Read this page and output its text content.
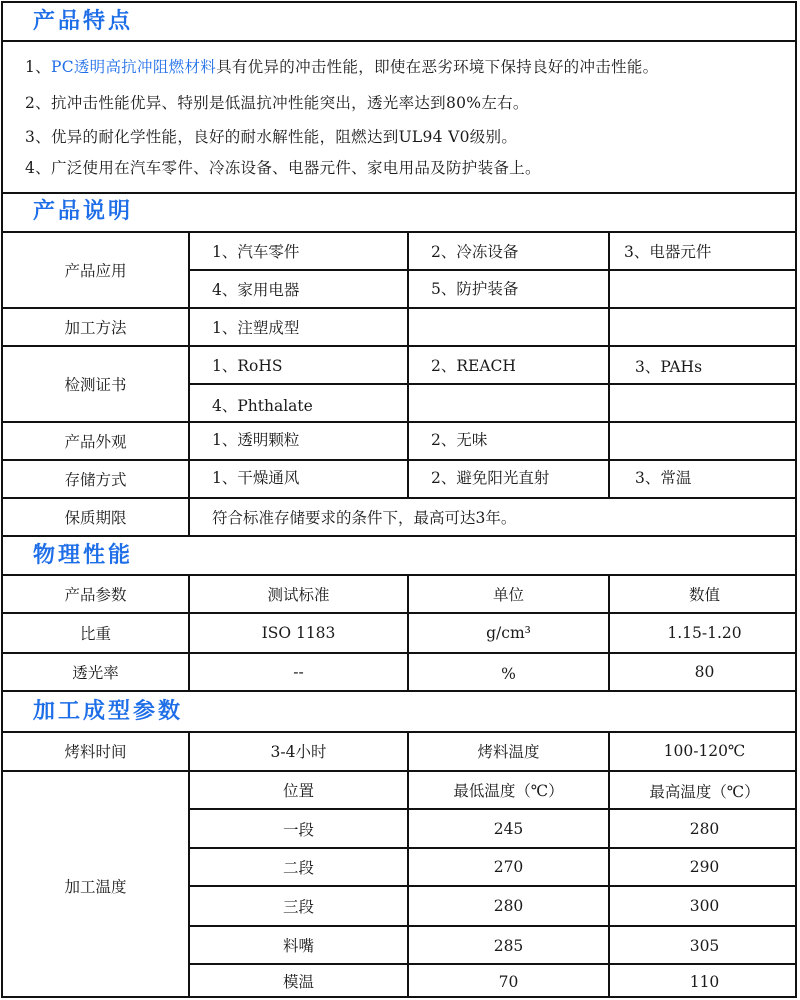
产品特点
1、PC透明高抗冲阻燃材料具有优异的冲击性能，即使在恶劣环境下保持良好的冲击性能。
2、抗冲击性能优异、特别是低温抗冲性能突出，透光率达到80%左右。
3、优异的耐化学性能，良好的耐水解性能，阻燃达到UL94 V0级别。
4、广泛使用在汽车零件、冷冻设备、电器元件、家电用品及防护装备上。
产品说明
产品应用
1、汽车零件	2、冷冻设备	3、电器元件
4、家用电器	5、防护装备
加工方法	1、注塑成型
检测证书
1、RoHS	2、REACH	3、PAHs
4、Phthalate
产品外观	1、透明颗粒	2、无味
存储方式	1、干燥通风	2、避免阳光直射	3、常温
保质期限	符合标准存储要求的条件下，最高可达3年。
物理性能
产品参数	测试标准	单位	数值
比重	ISO 1183	g/cm³	1.15-1.20
透光率	--	%	80
加工成型参数
烤料时间	3-4小时	烤料温度	100-120℃
加工温度
位置	最低温度（℃）	最高温度（℃）
一段	245	280
二段	270	290
三段	280	300
料嘴	285	305
模温	70	110
